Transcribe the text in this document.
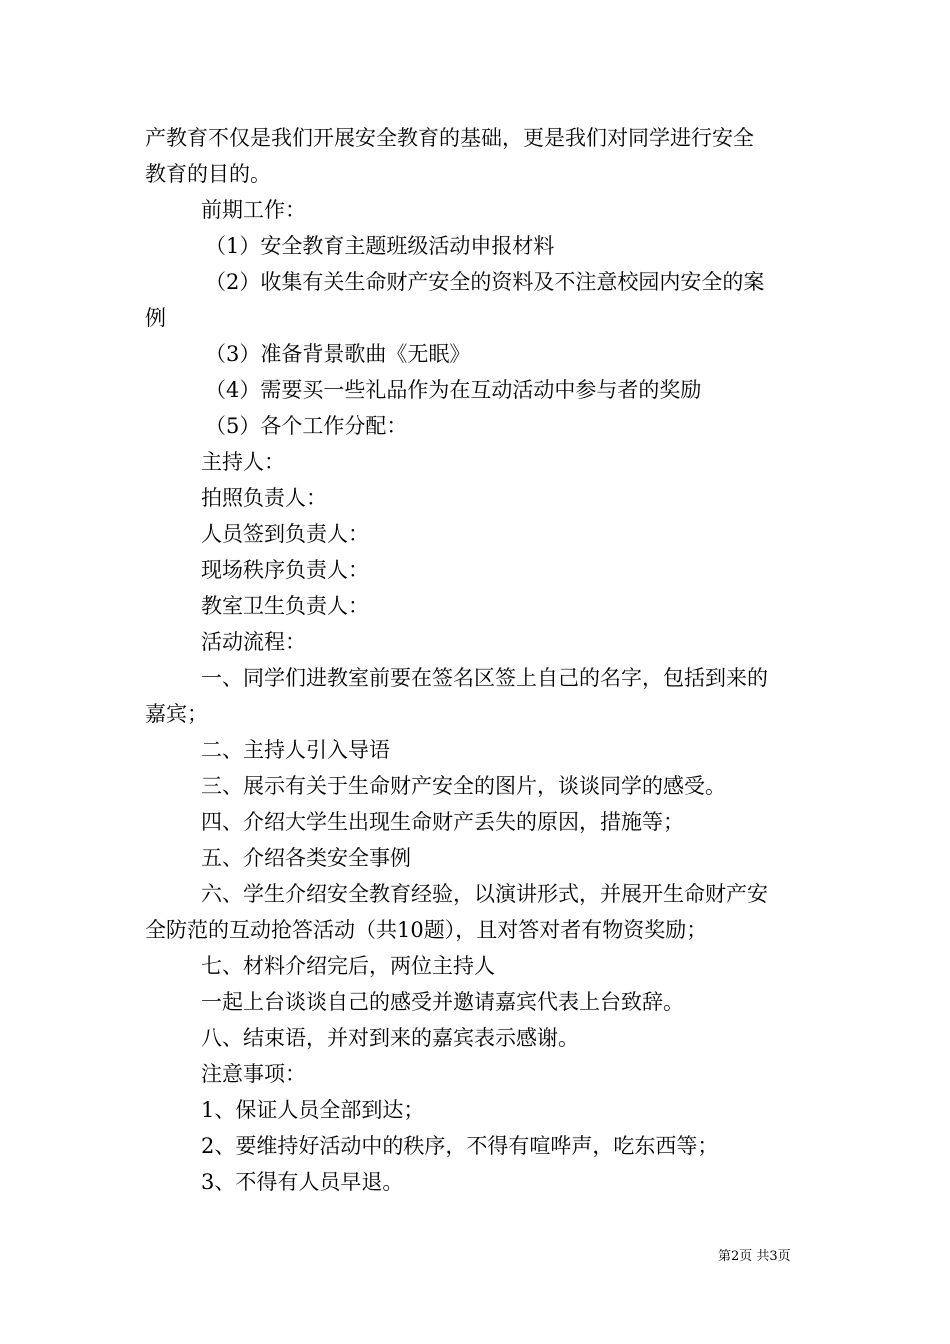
产教育不仅是我们开展安全教育的基础，更是我们对同学进行安全
教育的目的。
前期工作：
（1）安全教育主题班级活动申报材料
（2）收集有关生命财产安全的资料及不注意校园内安全的案
例
（3）准备背景歌曲《无眠》
（4）需要买一些礼品作为在互动活动中参与者的奖励
（5）各个工作分配：
主持人：
拍照负责人：
人员签到负责人：
现场秩序负责人：
教室卫生负责人：
活动流程：
一、同学们进教室前要在签名区签上自己的名字，包括到来的
嘉宾；
二、主持人引入导语
三、展示有关于生命财产安全的图片，谈谈同学的感受。
四、介绍大学生出现生命财产丢失的原因，措施等；
五、介绍各类安全事例
六、学生介绍安全教育经验，以演讲形式，并展开生命财产安
全防范的互动抢答活动（共10题），且对答对者有物资奖励；
七、材料介绍完后，两位主持人
一起上台谈谈自己的感受并邀请嘉宾代表上台致辞。
八、结束语，并对到来的嘉宾表示感谢。
注意事项：
1、保证人员全部到达；
2、要维持好活动中的秩序，不得有喧哗声，吃东西等；
3、不得有人员早退。
第2页 共3页
